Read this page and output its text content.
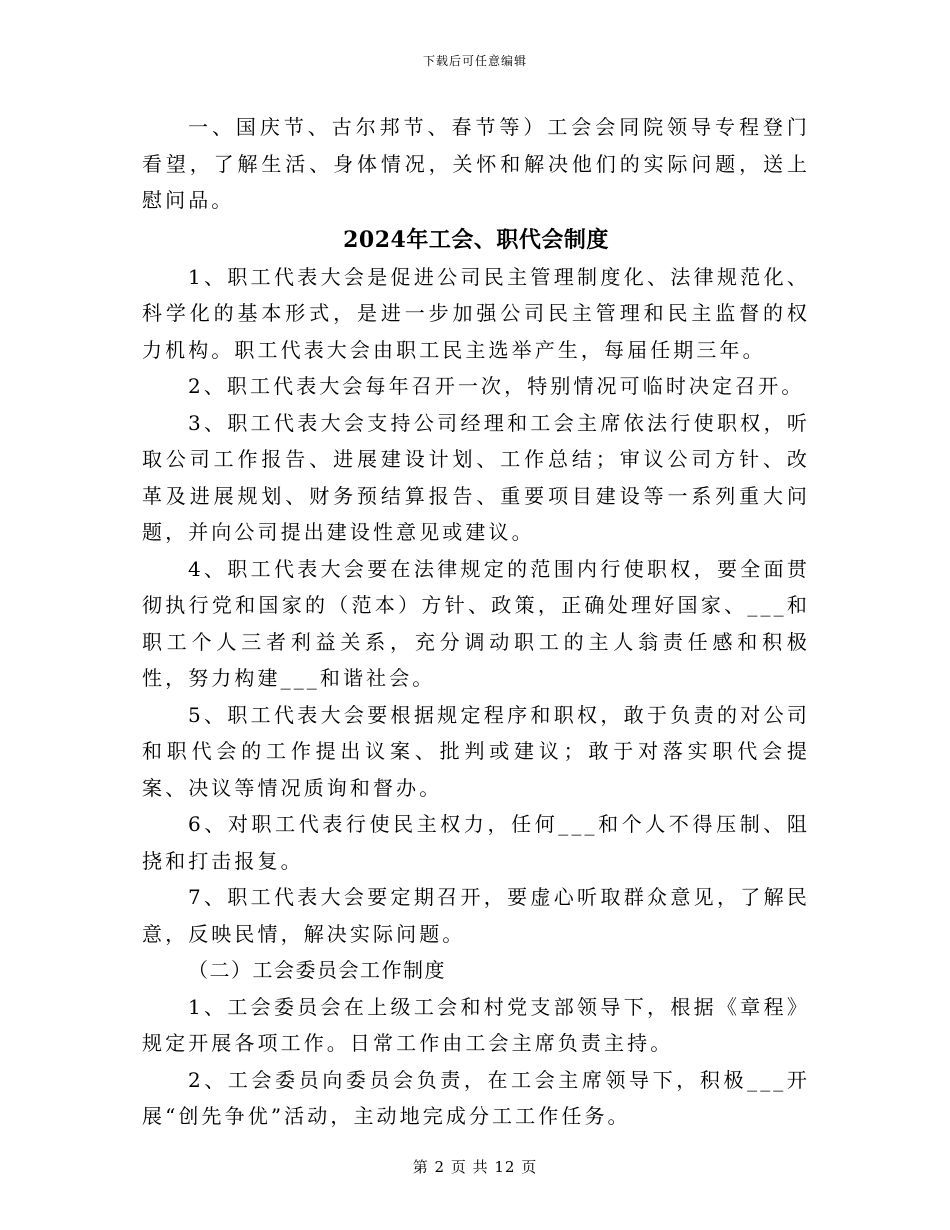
下载后可任意编辑

一、国庆节、古尔邦节、春节等）工会会同院领导专程登门看望，了解生活、身体情况，关怀和解决他们的实际问题，送上慰问品。

2024年工会、职代会制度

1、职工代表大会是促进公司民主管理制度化、法律规范化、科学化的基本形式，是进一步加强公司民主管理和民主监督的权力机构。职工代表大会由职工民主选举产生，每届任期三年。

2、职工代表大会每年召开一次，特别情况可临时决定召开。

3、职工代表大会支持公司经理和工会主席依法行使职权，听取公司工作报告、进展建设计划、工作总结；审议公司方针、改革及进展规划、财务预结算报告、重要项目建设等一系列重大问题，并向公司提出建设性意见或建议。

4、职工代表大会要在法律规定的范围内行使职权，要全面贯彻执行党和国家的（范本）方针、政策，正确处理好国家、___和职工个人三者利益关系，充分调动职工的主人翁责任感和积极性，努力构建___和谐社会。

5、职工代表大会要根据规定程序和职权，敢于负责的对公司和职代会的工作提出议案、批判或建议；敢于对落实职代会提案、决议等情况质询和督办。

6、对职工代表行使民主权力，任何___和个人不得压制、阻挠和打击报复。

7、职工代表大会要定期召开，要虚心听取群众意见，了解民意，反映民情，解决实际问题。

（二）工会委员会工作制度

1、工会委员会在上级工会和村党支部领导下，根据《章程》规定开展各项工作。日常工作由工会主席负责主持。

2、工会委员向委员会负责，在工会主席领导下，积极___开展“创先争优”活动，主动地完成分工工作任务。

第 2 页 共 12 页
